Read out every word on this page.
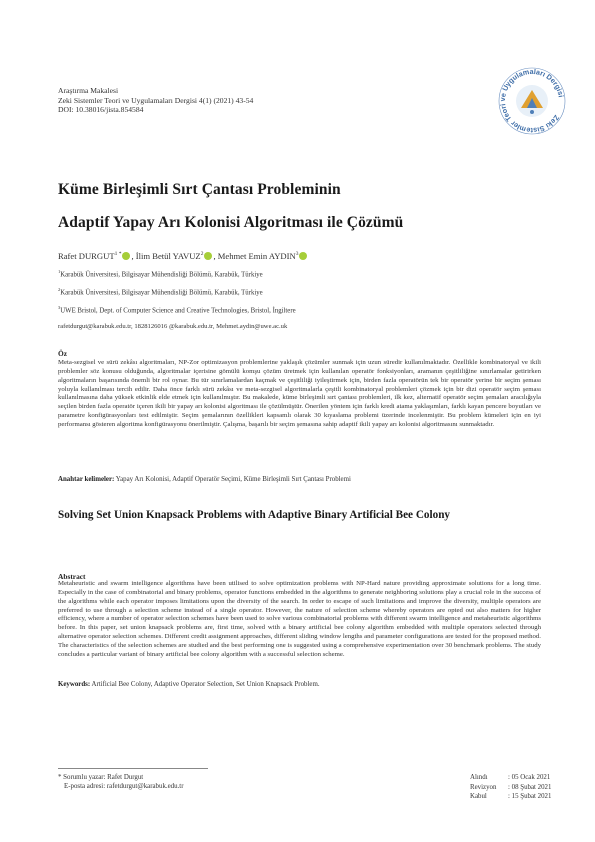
Araştırma Makalesi
Zeki Sistemler Teori ve Uygulamaları Dergisi 4(1) (2021) 43-54
DOI: 10.38016/jista.854584
Zeki Sistemler Teori ve Uygulamaları Dergisi
Küme Birleşimli Sırt Çantası Probleminin
Adaptif Yapay Arı Kolonisi Algoritması ile Çözümü
Rafet $DURGUT^{1 *}$ , İlim Betül YAVUZ$^2$ , Mehmet Emin AYDIN$^3$
$^1$Karabük Üniversitesi, Bilgisayar Mühendisliği Bölümü, Karabük, Türkiye
$^2$Karabük Üniversitesi, Bilgisayar Mühendisliği Bölümü, Karabük, Türkiye
$^3$UWE Bristol, Dept. of Computer Science and Creative Technologies, Bristol, İngiltere
rafetdurgut@karabuk.edu.tr, 1828126016 @karabuk.edu.tr, Mehmet.aydin@uwe.ac.uk
Öz
Meta-sezgisel ve sürü zekâsı algoritmaları, NP-Zor optimizasyon problemlerine yaklaşık çözümler sunmak için uzun süredir kullanılmaktadır. Özellikle kombinatoryal ve ikili problemler söz konusu olduğunda, algoritmalar içerisine gömülü komşu çözüm üretmek için kullanılan operatör fonksiyonları, aramanın çeşitliliğine sınırlamalar getirirken algoritmaların başarısında önemli bir rol oynar. Bu tür sınırlamalardan kaçmak ve çeşitliliği iyileştirmek için, birden fazla operatörün tek bir operatör yerine bir seçim şeması yoluyla kullanılması tercih edilir. Daha önce farklı sürü zekâsı ve meta-sezgisel algoritmalarla çeşitli kombinatoryal problemleri çözmek için bir dizi operatör seçim şeması kullanılmasına daha yüksek etkinlik elde etmek için kullanılmıştır. Bu makalede, küme birleşimli sırt çantası problemleri, ilk kez, alternatif operatör seçim şemaları aracılığıyla seçilen birden fazla operatör içeren ikili bir yapay arı kolonisi algoritması ile çözülmüştür. Önerilen yöntem için farklı kredi atama yaklaşımları, farklı kayan pencere boyutları ve parametre konfigürasyonları test edilmiştir. Seçim şemalarının özellikleri kapsamlı olarak 30 kıyaslama problemi üzerinde incelenmiştir. Bu problem kümeleri için en iyi performansı gösteren algoritma konfigürasyonu önerilmiştir. Çalışma, başarılı bir seçim şemasına sahip adaptif ikili yapay arı kolonisi algoritmasını sunmaktadır.
Anahtar kelimeler: Yapay Arı Kolonisi, Adaptif Operatör Seçimi, Küme Birleşimli Sırt Çantası Problemi
Solving Set Union Knapsack Problems with Adaptive Binary Artificial Bee Colony
Abstract
Metaheuristic and swarm intelligence algorithms have been utilised to solve optimization problems with NP-Hard nature providing approximate solutions for a long time. Especially in the case of combinatorial and binary problems, operator functions embedded in the algorithms to generate neighboring solutions play a crucial role in the success of the algorithms while each operator imposes limitations upon the diversity of the search. In order to escape of such limitations and improve the diversity, multiple operators are preferred to use through a selection scheme instead of a single operator. However, the nature of selection scheme whereby operators are opted out also matters for higher efficiency, where a number of operator selection schemes have been used to solve various combinatorial problems with different swarm intelligence and metaheuristic algorithms before. In this paper, set union knapsack problems are, first time, solved with a binary artificial bee colony algorithm embedded with multiple operators selected through alternative operator selection schemes. Different credit assignment approaches, different sliding window lengths and parameter configurations are tested for the proposed method. The characteristics of the selection schemes are studied and the best performing one is suggested using a comprehensive experimentation over 30 benchmark problems. The study concludes a particular variant of binary artificial bee colony algorithm with a successful selection scheme.
Keywords: Artificial Bee Colony, Adaptive Operator Selection, Set Union Knapsack Problem.
* Sorumlu yazar: Rafet Durgut
E-posta adresi: rafetdurgut@karabuk.edu.tr
Alındı	: 05 Ocak 2021
Revizyon	: 08 Şubat 2021
Kabul	: 15 Şubat 2021
